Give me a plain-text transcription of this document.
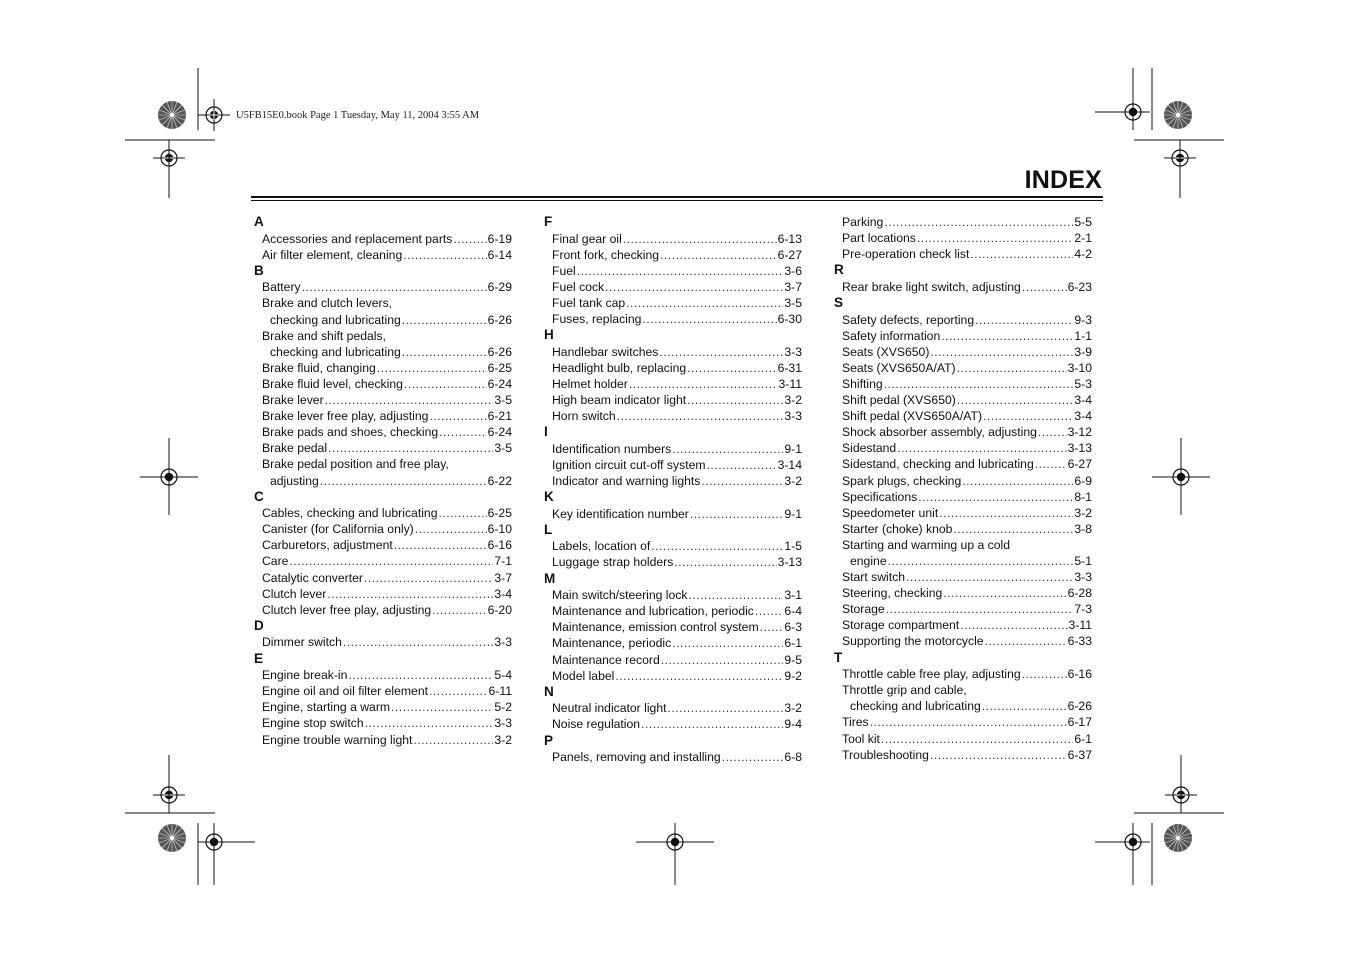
U5FB15E0.book Page 1 Tuesday, May 11, 2004 3:55 AM
INDEX
A
Accessories and replacement parts .....	6-19
Air filter element, cleaning .....	6-14
B
Battery .....	6-29
Brake and clutch levers,
checking and lubricating .....	6-26
Brake and shift pedals,
checking and lubricating .....	6-26
Brake fluid, changing .....	6-25
Brake fluid level, checking .....	6-24
Brake lever .....	3-5
Brake lever free play, adjusting .....	6-21
Brake pads and shoes, checking .....	6-24
Brake pedal .....	3-5
Brake pedal position and free play,
adjusting .....	6-22
C
Cables, checking and lubricating .....	6-25
Canister (for California only) .....	6-10
Carburetors, adjustment .....	6-16
Care .....	7-1
Catalytic converter .....	3-7
Clutch lever .....	3-4
Clutch lever free play, adjusting .....	6-20
D
Dimmer switch .....	3-3
E
Engine break-in .....	5-4
Engine oil and oil filter element .....	6-11
Engine, starting a warm .....	5-2
Engine stop switch .....	3-3
Engine trouble warning light .....	3-2
F
Final gear oil .....	6-13
Front fork, checking .....	6-27
Fuel .....	3-6
Fuel cock .....	3-7
Fuel tank cap .....	3-5
Fuses, replacing .....	6-30
H
Handlebar switches .....	3-3
Headlight bulb, replacing .....	6-31
Helmet holder .....	3-11
High beam indicator light .....	3-2
Horn switch .....	3-3
I
Identification numbers .....	9-1
Ignition circuit cut-off system .....	3-14
Indicator and warning lights .....	3-2
K
Key identification number .....	9-1
L
Labels, location of .....	1-5
Luggage strap holders .....	3-13
M
Main switch/steering lock .....	3-1
Maintenance and lubrication, periodic ..... 6-4
Maintenance, emission control system ..... 6-3
Maintenance, periodic .....	6-1
Maintenance record .....	9-5
Model label .....	9-2
N
Neutral indicator light .....	3-2
Noise regulation .....	9-4
P
Panels, removing and installing .....	6-8
Parking .....	5-5
Part locations .....	2-1
Pre-operation check list .....	4-2
R
Rear brake light switch, adjusting .....	6-23
S
Safety defects, reporting .....	9-3
Safety information .....	1-1
Seats (XVS650) .....	3-9
Seats (XVS650A/AT) .....	3-10
Shifting .....	5-3
Shift pedal (XVS650) .....	3-4
Shift pedal (XVS650A/AT) .....	3-4
Shock absorber assembly, adjusting .....	3-12
Sidestand .....	3-13
Sidestand, checking and lubricating .....	6-27
Spark plugs, checking .....	6-9
Specifications .....	8-1
Speedometer unit .....	3-2
Starter (choke) knob .....	3-8
Starting and warming up a cold
engine .....	5-1
Start switch .....	3-3
Steering, checking .....	6-28
Storage .....	7-3
Storage compartment .....	3-11
Supporting the motorcycle .....	6-33
T
Throttle cable free play, adjusting .....	6-16
Throttle grip and cable,
checking and lubricating .....	6-26
Tires .....	6-17
Tool kit .....	6-1
Troubleshooting .....	6-37
